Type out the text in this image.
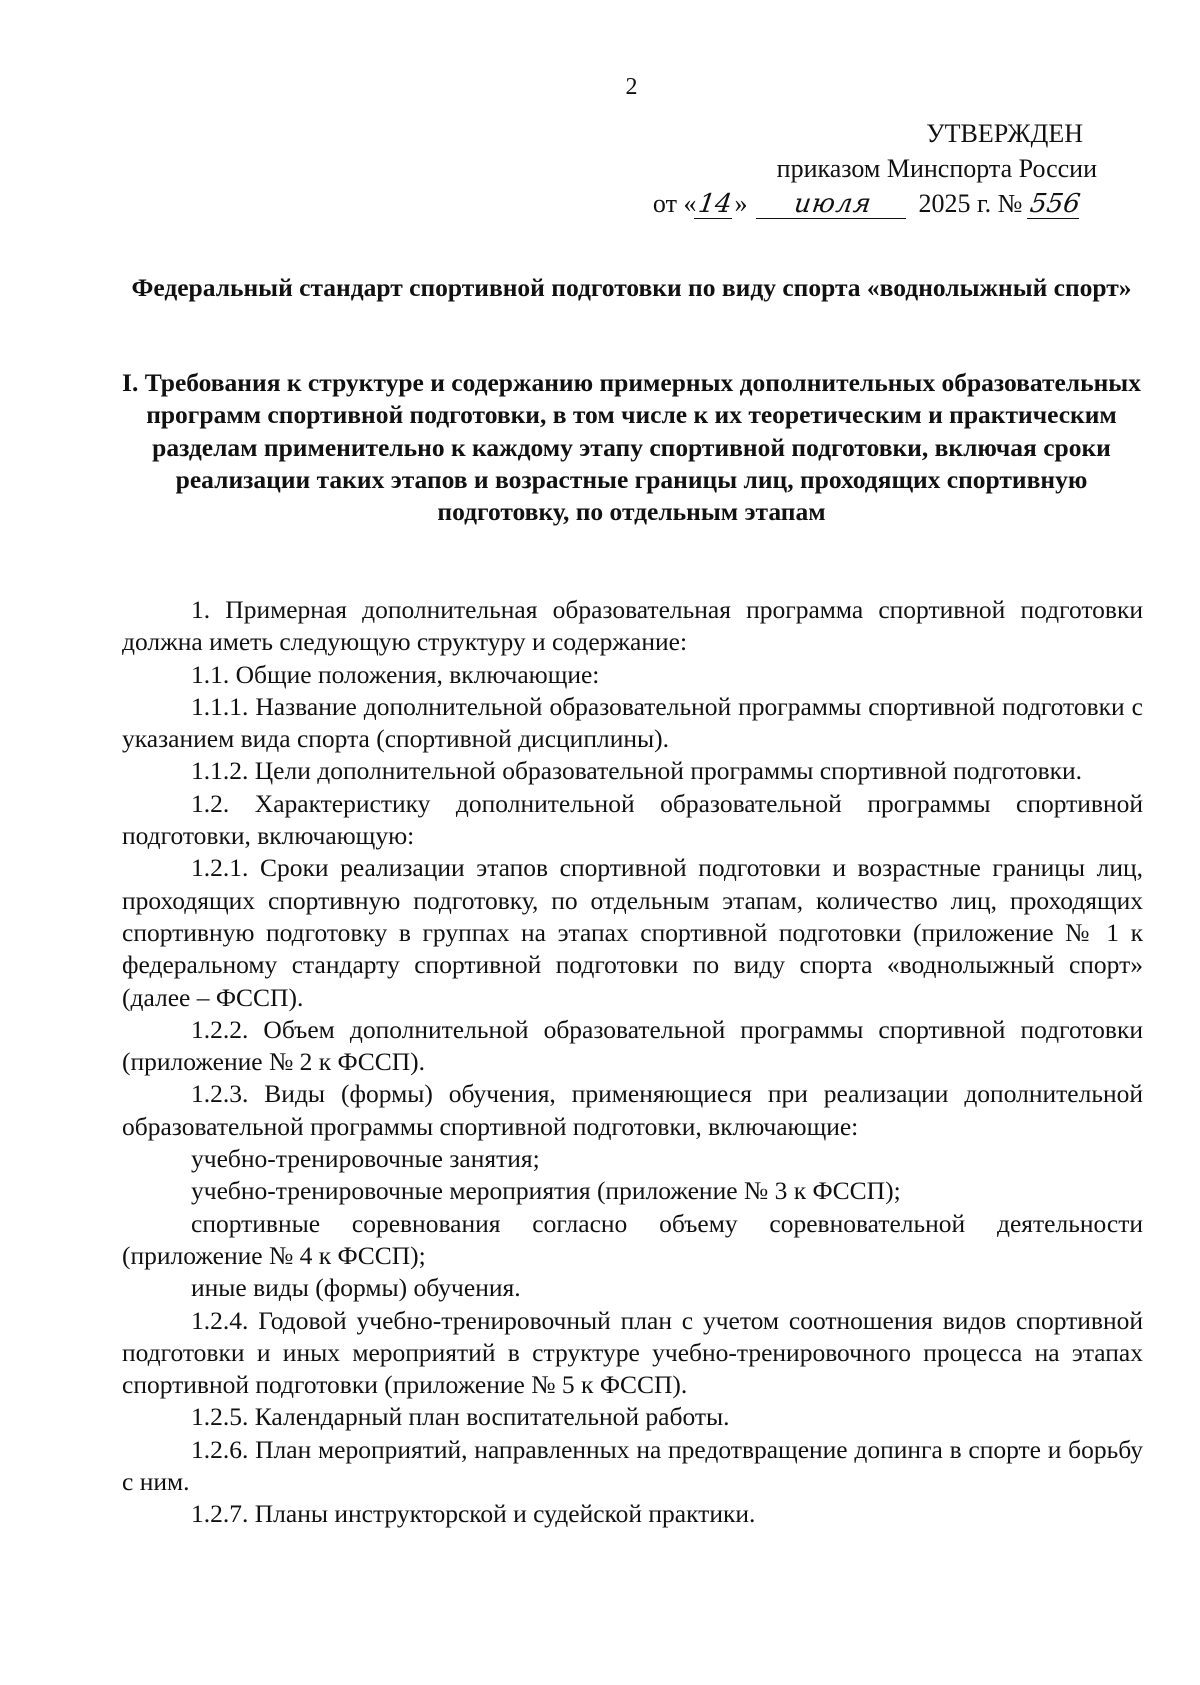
2
УТВЕРЖДЕН
приказом Минспорта России
от «14» июля 2025 г. № 556
Федеральный стандарт спортивной подготовки по виду спорта «воднолыжный спорт»
I. Требования к структуре и содержанию примерных дополнительных образовательных программ спортивной подготовки, в том числе к их теоретическим и практическим разделам применительно к каждому этапу спортивной подготовки, включая сроки реализации таких этапов и возрастные границы лиц, проходящих спортивную подготовку, по отдельным этапам

1. Примерная дополнительная образовательная программа спортивной подготовки должна иметь следующую структуру и содержание:

1.1. Общие положения, включающие:

1.1.1. Название дополнительной образовательной программы спортивной подготовки с указанием вида спорта (спортивной дисциплины).

1.1.2. Цели дополнительной образовательной программы спортивной подготовки.

1.2. Характеристику дополнительной образовательной программы спортивной подготовки, включающую:

1.2.1. Сроки реализации этапов спортивной подготовки и возрастные границы лиц, проходящих спортивную подготовку, по отдельным этапам, количество лиц, проходящих спортивную подготовку в группах на этапах спортивной подготовки (приложение № 1 к федеральному стандарту спортивной подготовки по виду спорта «воднолыжный спорт» (далее – ФССП).

1.2.2. Объем дополнительной образовательной программы спортивной подготовки (приложение № 2 к ФССП).

1.2.3. Виды (формы) обучения, применяющиеся при реализации дополнительной образовательной программы спортивной подготовки, включающие:

учебно-тренировочные занятия;

учебно-тренировочные мероприятия (приложение № 3 к ФССП);

спортивные соревнования согласно объему соревновательной деятельности (приложение № 4 к ФССП);

иные виды (формы) обучения.

1.2.4. Годовой учебно-тренировочный план с учетом соотношения видов спортивной подготовки и иных мероприятий в структуре учебно-тренировочного процесса на этапах спортивной подготовки (приложение № 5 к ФССП).

1.2.5. Календарный план воспитательной работы.

1.2.6. План мероприятий, направленных на предотвращение допинга в спорте и борьбу с ним.

1.2.7. Планы инструкторской и судейской практики.
